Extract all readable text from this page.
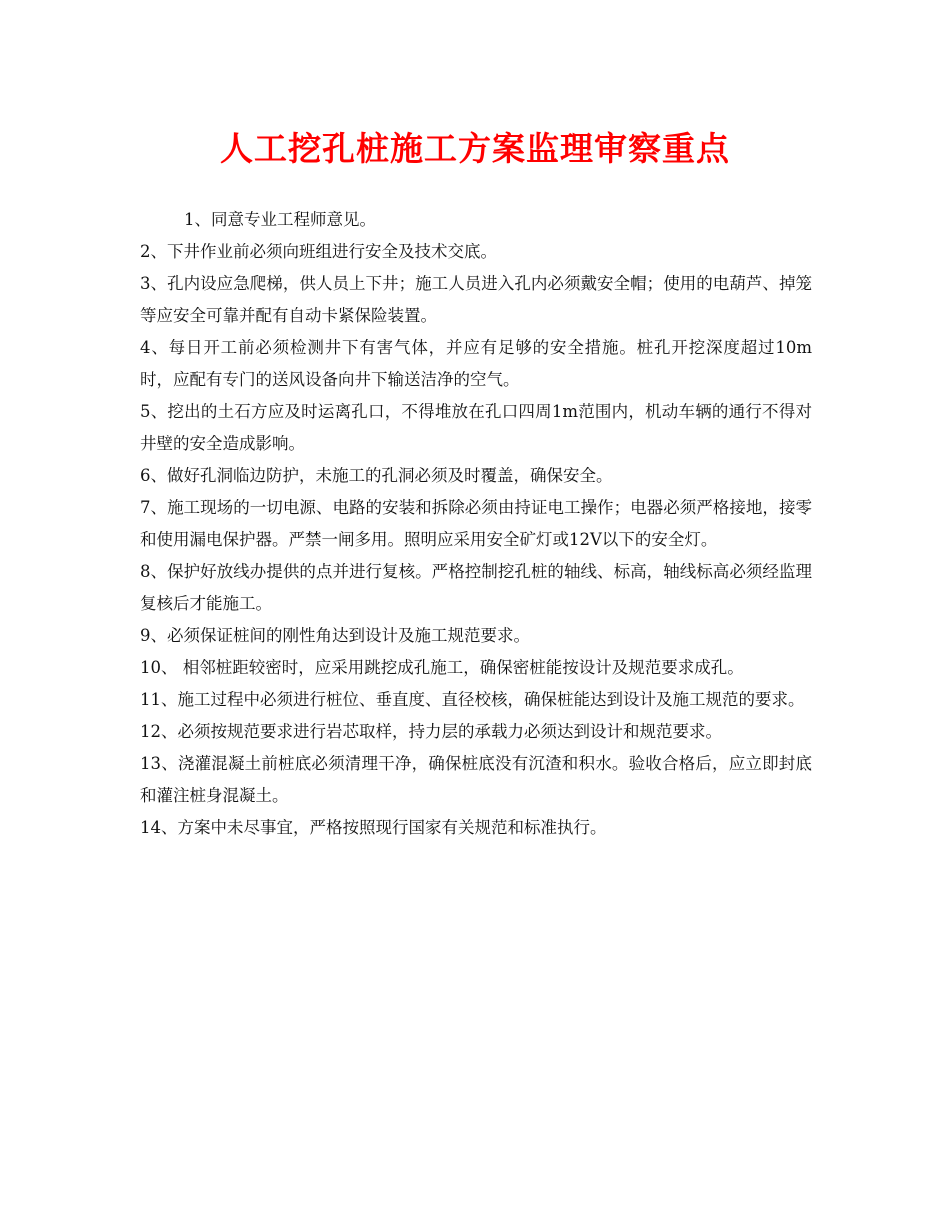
人工挖孔桩施工方案监理审察重点

1、同意专业工程师意见。

2、下井作业前必须向班组进行安全及技术交底。

3、孔内设应急爬梯，供人员上下井；施工人员进入孔内必须戴安全帽；使用的电葫芦、掉笼等应安全可靠并配有自动卡紧保险装置。

4、每日开工前必须检测井下有害气体，并应有足够的安全措施。桩孔开挖深度超过10m时，应配有专门的送风设备向井下输送洁净的空气。

5、挖出的土石方应及时运离孔口，不得堆放在孔口四周1m范围内，机动车辆的通行不得对井壁的安全造成影响。

6、做好孔洞临边防护，未施工的孔洞必须及时覆盖，确保安全。

7、施工现场的一切电源、电路的安装和拆除必须由持证电工操作；电器必须严格接地，接零和使用漏电保护器。严禁一闸多用。照明应采用安全矿灯或12V以下的安全灯。

8、保护好放线办提供的点并进行复核。严格控制挖孔桩的轴线、标高，轴线标高必须经监理复核后才能施工。

9、必须保证桩间的刚性角达到设计及施工规范要求。

10、 相邻桩距较密时，应采用跳挖成孔施工，确保密桩能按设计及规范要求成孔。

11、施工过程中必须进行桩位、垂直度、直径校核，确保桩能达到设计及施工规范的要求。

12、必须按规范要求进行岩芯取样，持力层的承载力必须达到设计和规范要求。

13、浇灌混凝土前桩底必须清理干净，确保桩底没有沉渣和积水。验收合格后，应立即封底和灌注桩身混凝土。

14、方案中未尽事宜，严格按照现行国家有关规范和标准执行。
